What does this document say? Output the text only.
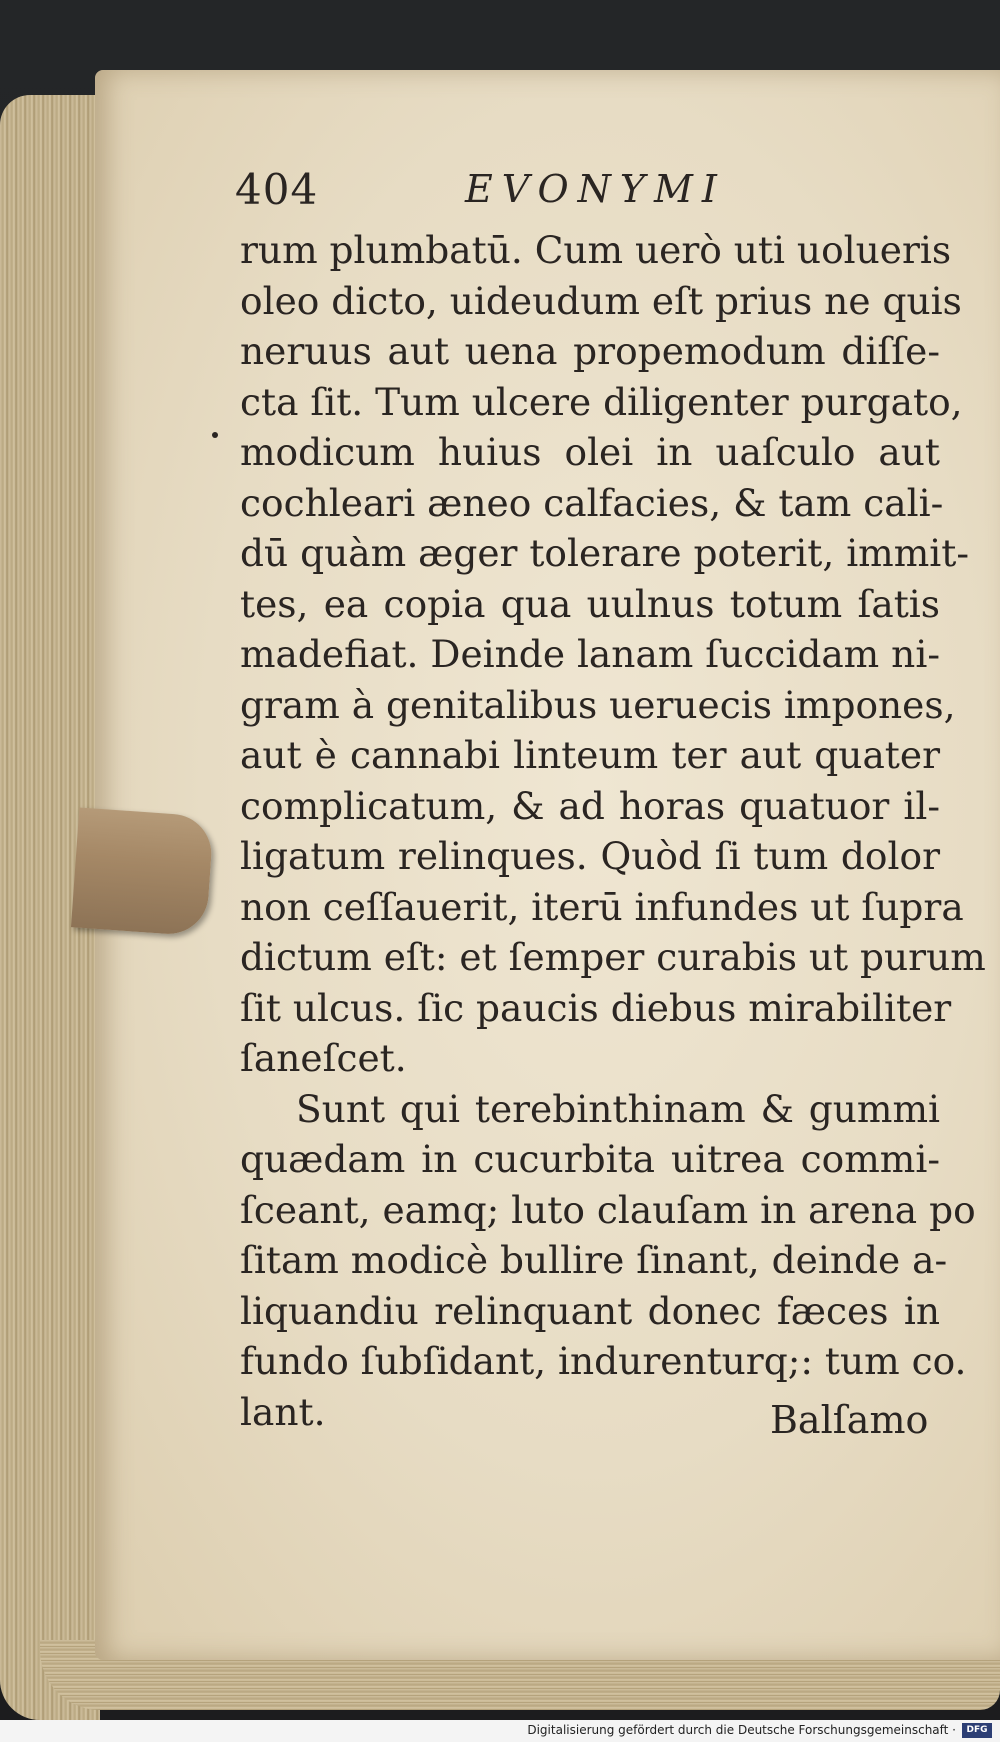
404	EVONYMI
rum plumbatū. Cum uerò uti uolueris
oleo dicto, uideudum eſt prius ne quis
neruus aut uena propemodum diſſe-
cta ſit. Tum ulcere diligenter purgato,
modicum huius olei in uaſculo aut
cochleari æneo calfacies, & tam cali-
dū quàm æger tolerare poterit, immit-
tes, ea copia qua uulnus totum ſatis
madefiat. Deinde lanam ſuccidam ni-
gram à genitalibus ueruecis impones,
aut è cannabi linteum ter aut quater
complicatum, & ad horas quatuor il-
ligatum relinques. Quòd ſi tum dolor
non ceſſauerit, iterū infundes ut ſupra
dictum eſt: et ſemper curabis ut purum
ſit ulcus. ſic paucis diebus mirabiliter
ſaneſcet.
Sunt qui terebinthinam & gummi
quædam in cucurbita uitrea commi-
ſceant, eamq; luto clauſam in arena po
ſitam modicè bullire ſinant, deinde a-
liquandiu relinquant donec fæces in
fundo ſubſidant, indurenturq;: tum co.
lant.	Balſamo
Digitalisierung gefördert durch die Deutsche Forschungsgemeinschaft ·	DFG
